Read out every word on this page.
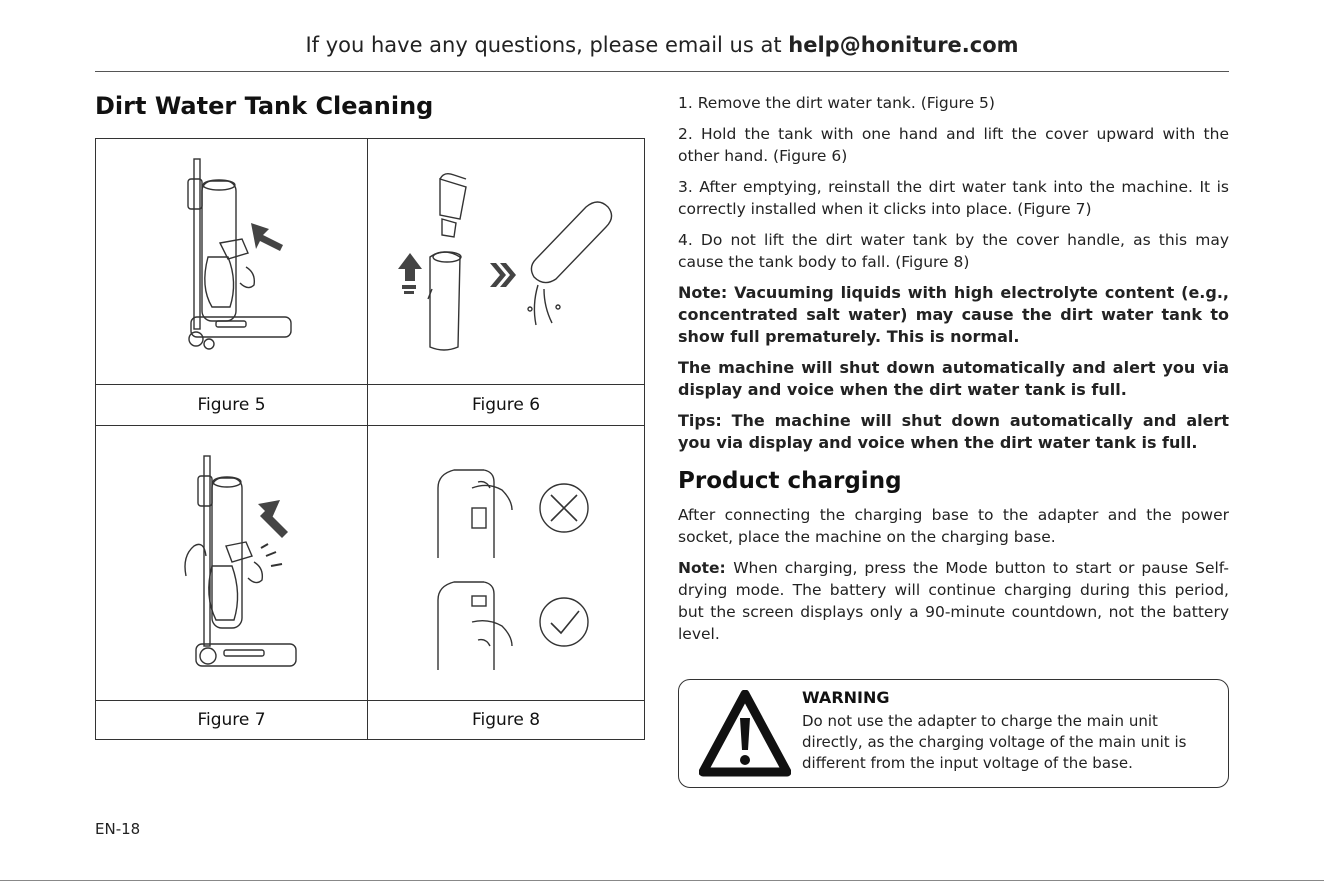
If you have any questions, please email us at help@honiture.com
Dirt Water Tank Cleaning
Figure 5	Figure 6
Figure 7	Figure 8

1. Remove the dirt water tank. (Figure 5)

2. Hold the tank with one hand and lift the cover upward with the other hand. (Figure 6)

3. After emptying, reinstall the dirt water tank into the machine. It is correctly installed when it clicks into place. (Figure 7)

4. Do not lift the dirt water tank by the cover handle, as this may cause the tank body to fall. (Figure 8)

Note: Vacuuming liquids with high electrolyte content (e.g., concentrated salt water) may cause the dirt water tank to show full prematurely. This is normal.

The machine will shut down automatically and alert you via display and voice when the dirt water tank is full.

Tips: The machine will shut down automatically and alert you via display and voice when the dirt water tank is full.

Product charging

After connecting the charging base to the adapter and the power socket, place the machine on the charging base.

Note: When charging, press the Mode button to start or pause Self-drying mode. The battery will continue charging during this period, but the screen displays only a 90-minute countdown, not the battery level.

WARNING
Do not use the adapter to charge the main unit directly, as the charging voltage of the main unit is different from the input voltage of the base.
EN-18
